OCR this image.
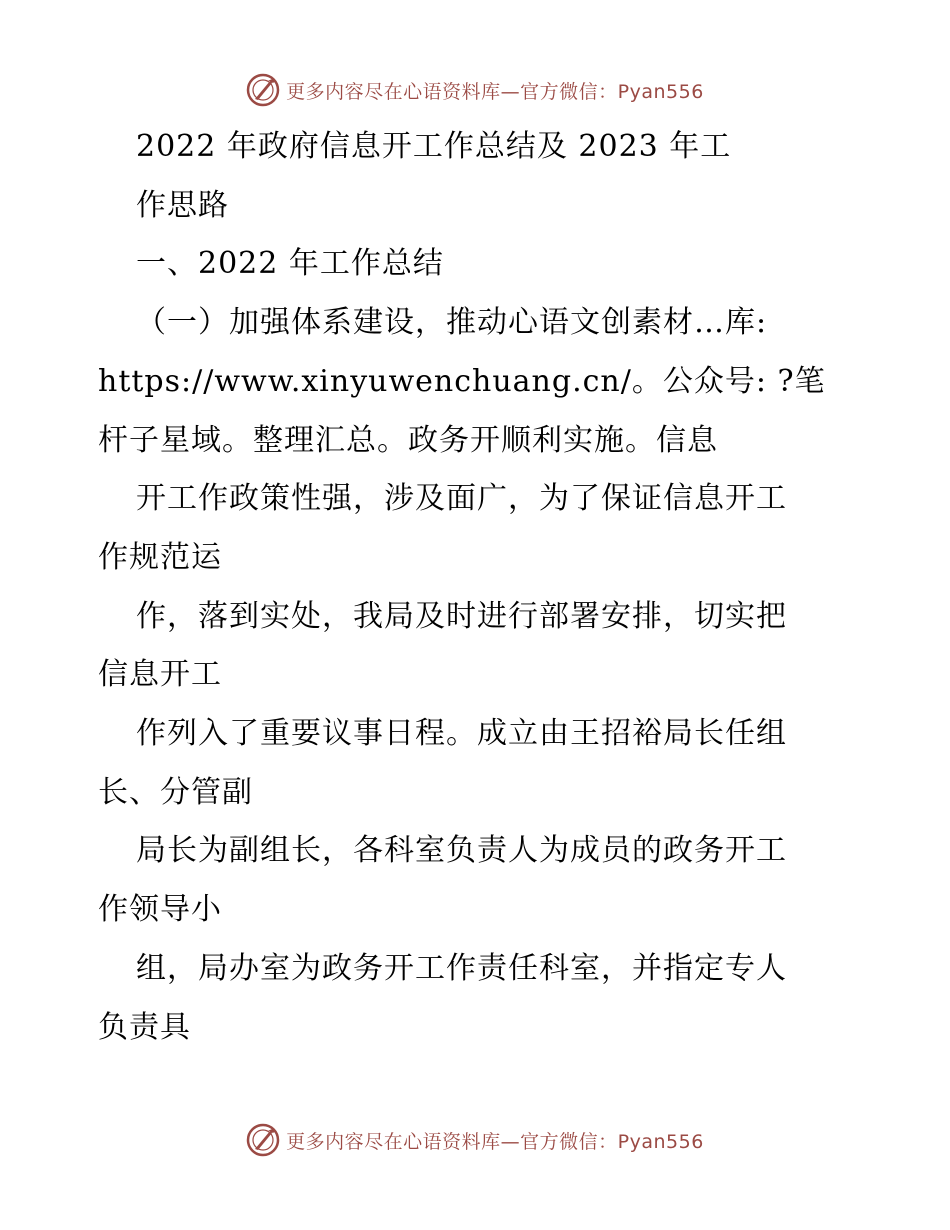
更多内容尽在心语资料库—官方微信：Pyan556
2022 年政府信息开工作总结及 2023 年工
作思路
一、2022 年工作总结
（一）加强体系建设，推动心语文创素材…库:
https://www.xinyuwenchuang.cn/。公众号: ?笔
杆子星域。整理汇总。政务开顺利实施。信息
开工作政策性强，涉及面广，为了保证信息开工
作规范运
作，落到实处，我局及时进行部署安排，切实把
信息开工
作列入了重要议事日程。成立由王招裕局长任组
长、分管副
局长为副组长，各科室负责人为成员的政务开工
作领导小
组，局办室为政务开工作责任科室，并指定专人
负责具
更多内容尽在心语资料库—官方微信：Pyan556
